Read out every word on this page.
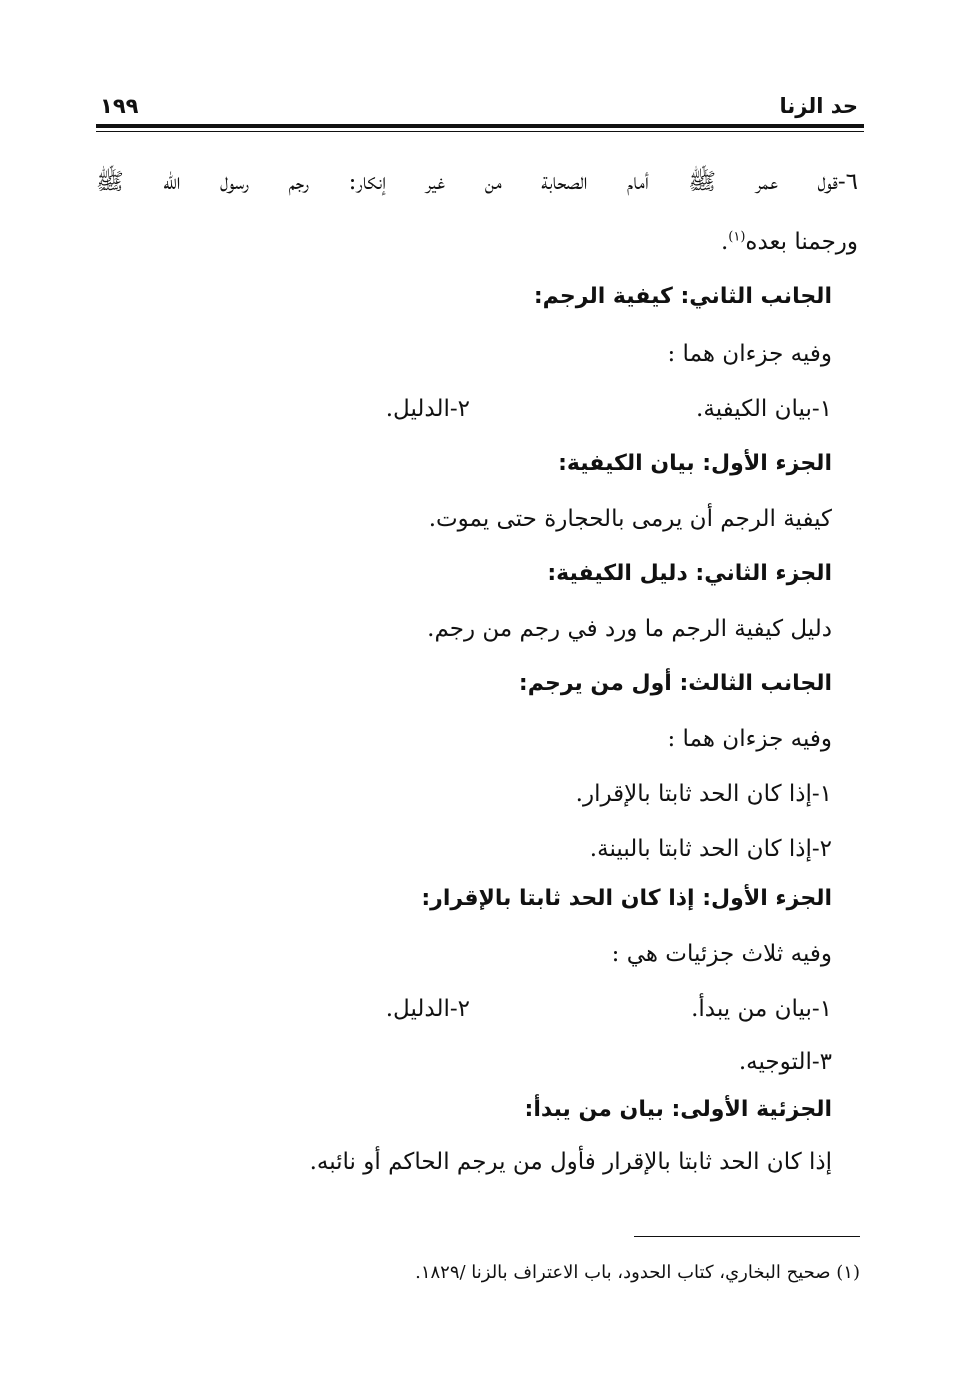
حد الزنا
١٩٩
٦-قول عمر ﷺ أمام الصحابة من غير إنكار: رجم رسول الله ﷺ
ورجمنا بعده$^{(١)}$.
الجانب الثاني: كيفية الرجم:
وفيه جزءان هما :
١-بيان الكيفية.
٢-الدليل.
الجزء الأول: بيان الكيفية:
كيفية الرجم أن يرمى بالحجارة حتى يموت.
الجزء الثاني: دليل الكيفية:
دليل كيفية الرجم ما ورد في رجم من رجم.
الجانب الثالث: أول من يرجم:
وفيه جزءان هما :
١-إذا كان الحد ثابتا بالإقرار.
٢-إذا كان الحد ثابتا بالبينة.
الجزء الأول: إذا كان الحد ثابتا بالإقرار:
وفيه ثلاث جزئيات هي :
١-بيان من يبدأ.
٢-الدليل.
٣-التوجيه.
الجزئية الأولى: بيان من يبدأ:
إذا كان الحد ثابتا بالإقرار فأول من يرجم الحاكم أو نائبه.
(١) صحيح البخاري، كتاب الحدود، باب الاعتراف بالزنا /١٨٢٩.
